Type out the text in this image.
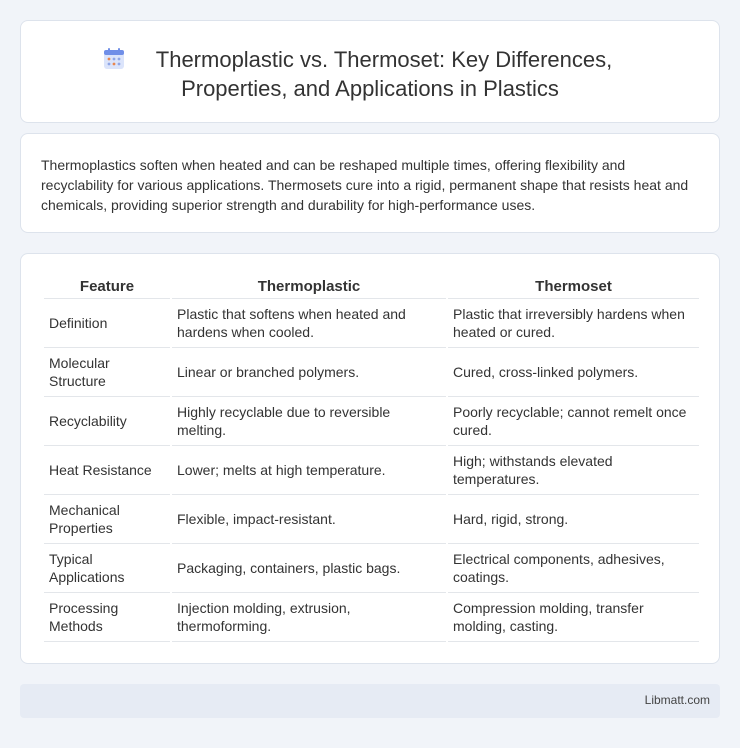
Thermoplastic vs. Thermoset: Key Differences,
Properties, and Applications in Plastics

Thermoplastics soften when heated and can be reshaped multiple times, offering flexibility and recyclability for various applications. Thermosets cure into a rigid, permanent shape that resists heat and chemicals, providing superior strength and durability for high-performance uses.

Feature	Thermoplastic	Thermoset
Definition	Plastic that softens when heated and hardens when cooled.	Plastic that irreversibly hardens when heated or cured.
Molecular Structure	Linear or branched polymers.	Cured, cross-linked polymers.
Recyclability	Highly recyclable due to reversible melting.	Poorly recyclable; cannot remelt once cured.
Heat Resistance	Lower; melts at high temperature.	High; withstands elevated temperatures.
Mechanical Properties	Flexible, impact-resistant.	Hard, rigid, strong.
Typical Applications	Packaging, containers, plastic bags.	Electrical components, adhesives, coatings.
Processing Methods	Injection molding, extrusion, thermoforming.	Compression molding, transfer molding, casting.
Libmatt.com
